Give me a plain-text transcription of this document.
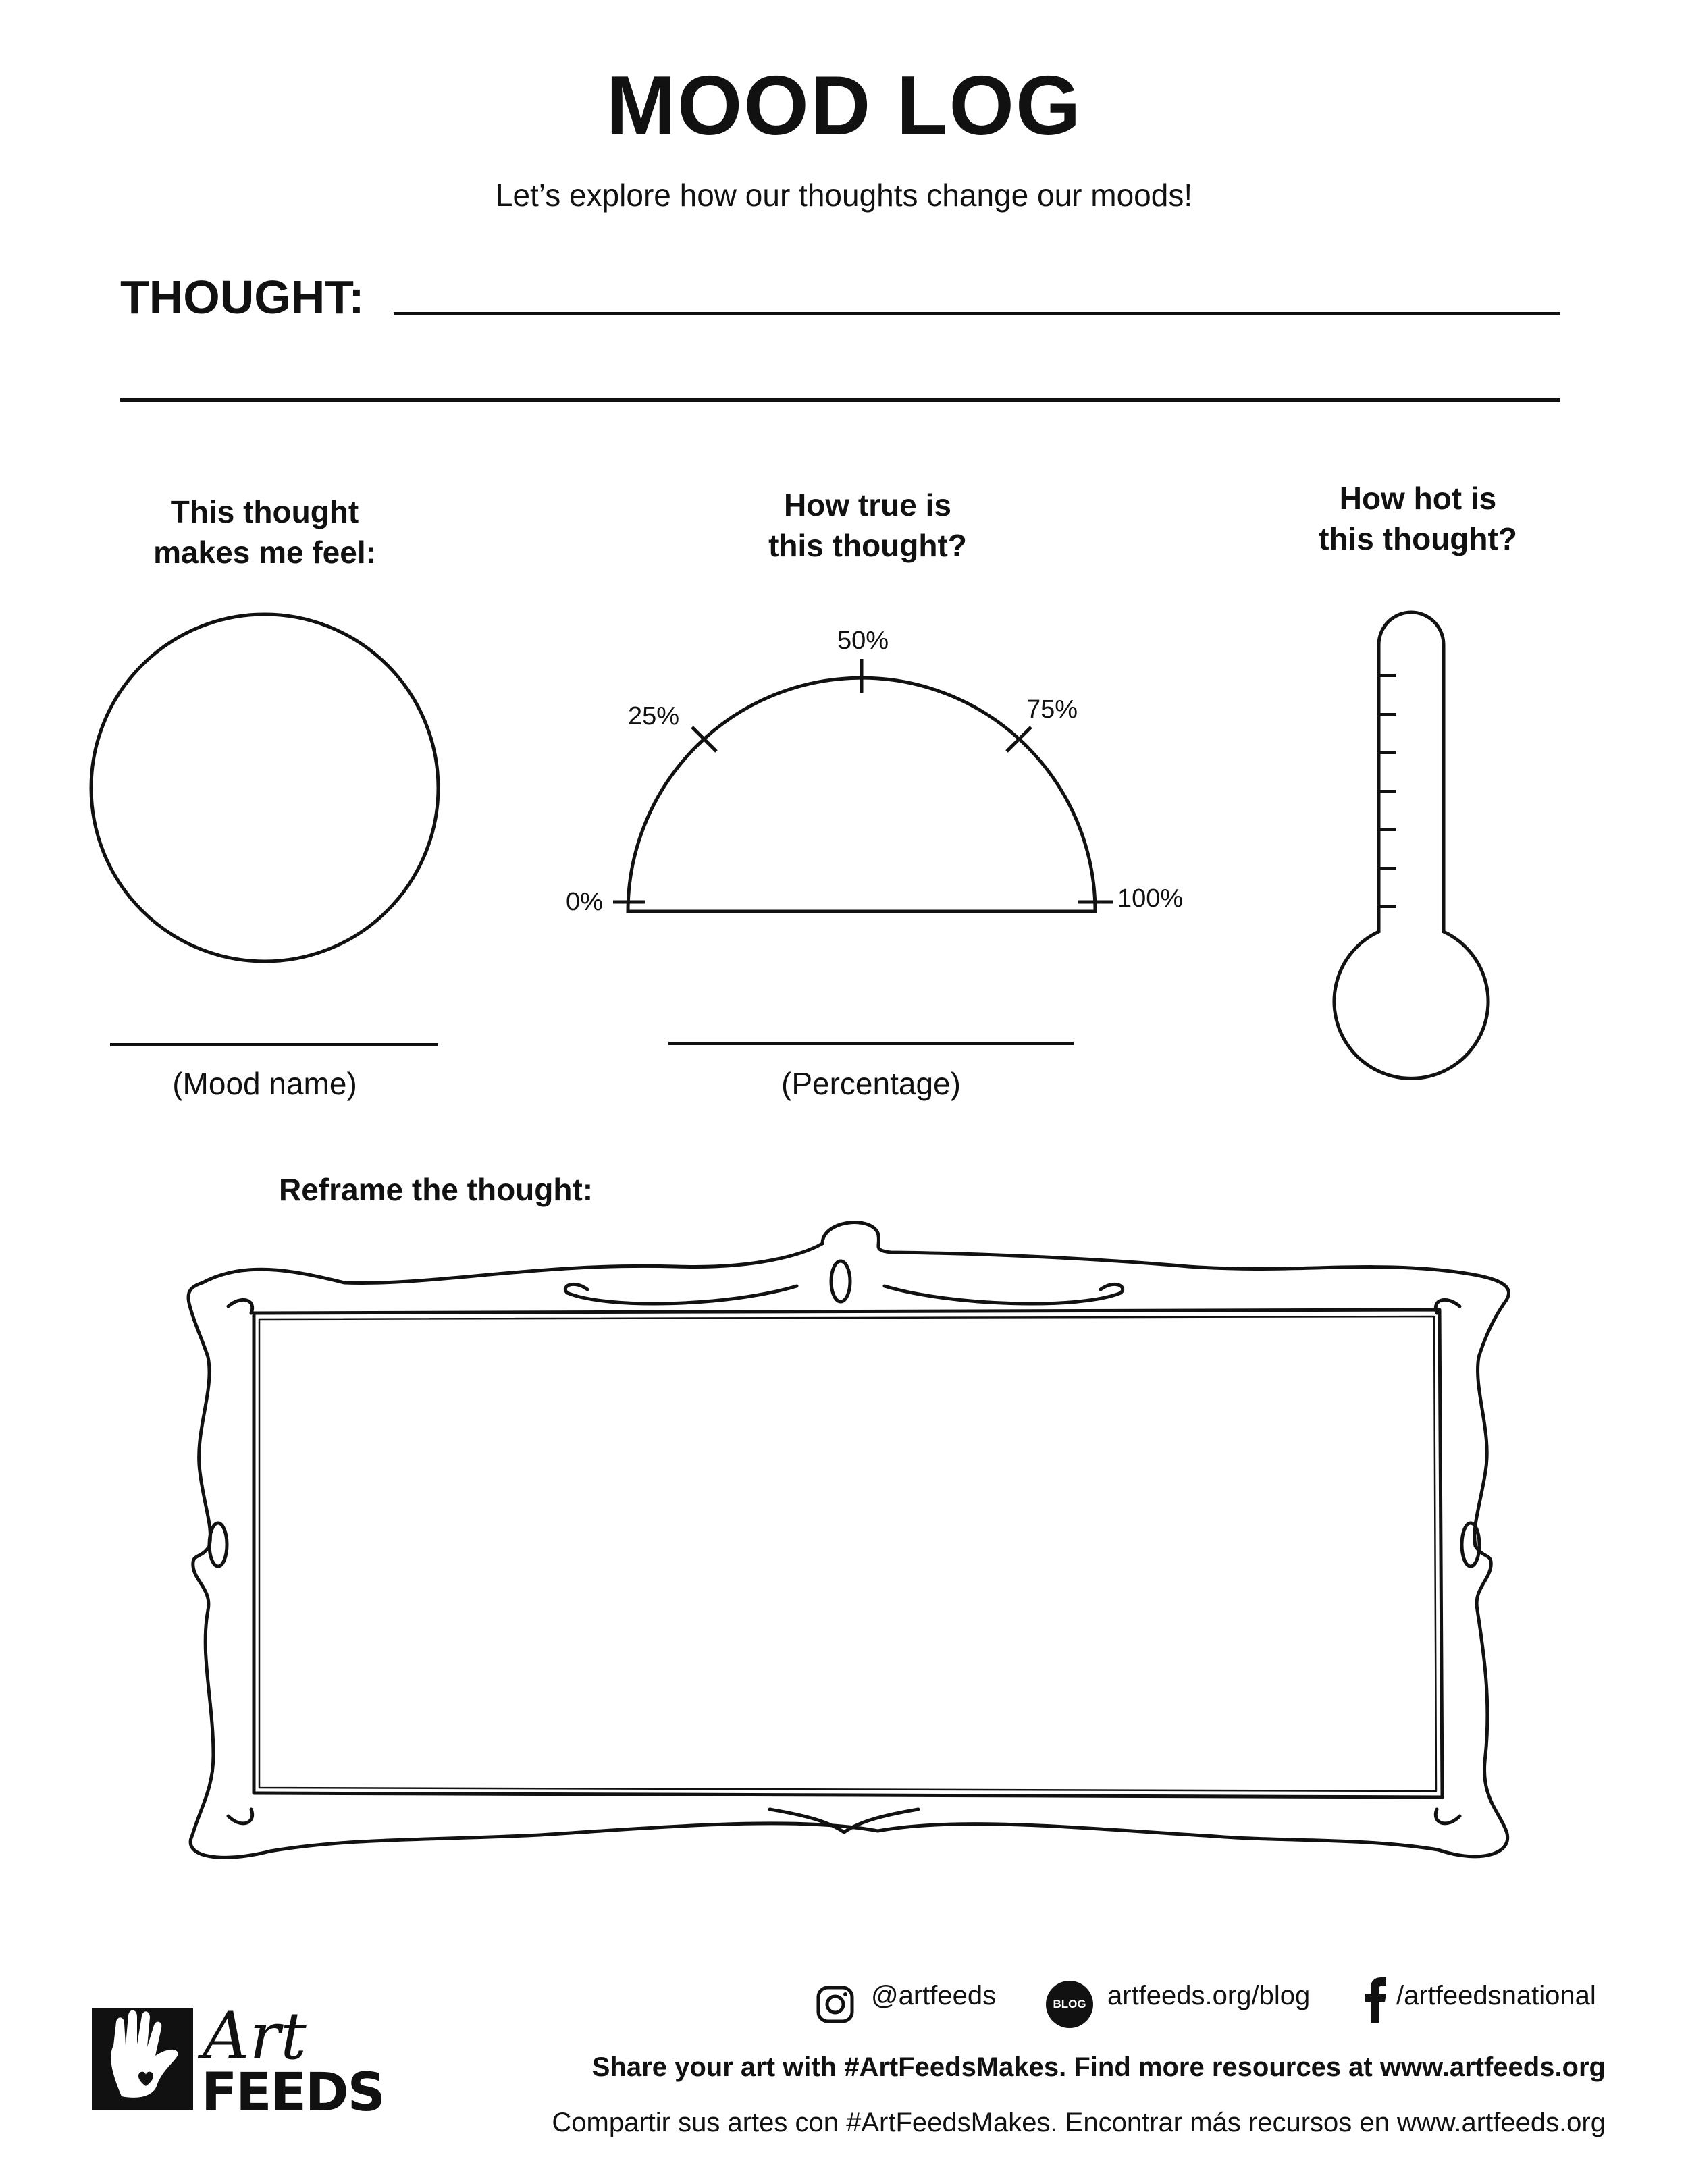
MOOD LOG
Let’s explore how our thoughts change our moods!
THOUGHT:
This thought
makes me feel:
How true is
this thought?
How hot is
this thought?
0%
25%
50%
75%
100%
(Mood name)	(Percentage)
Reframe the thought:
@artfeeds	BLOG artfeeds.org/blog	/artfeedsnational
Share your art with #ArtFeedsMakes. Find more resources at www.artfeeds.org
Compartir sus artes con #ArtFeedsMakes. Encontrar más recursos en www.artfeeds.org
Art
FEEDS
